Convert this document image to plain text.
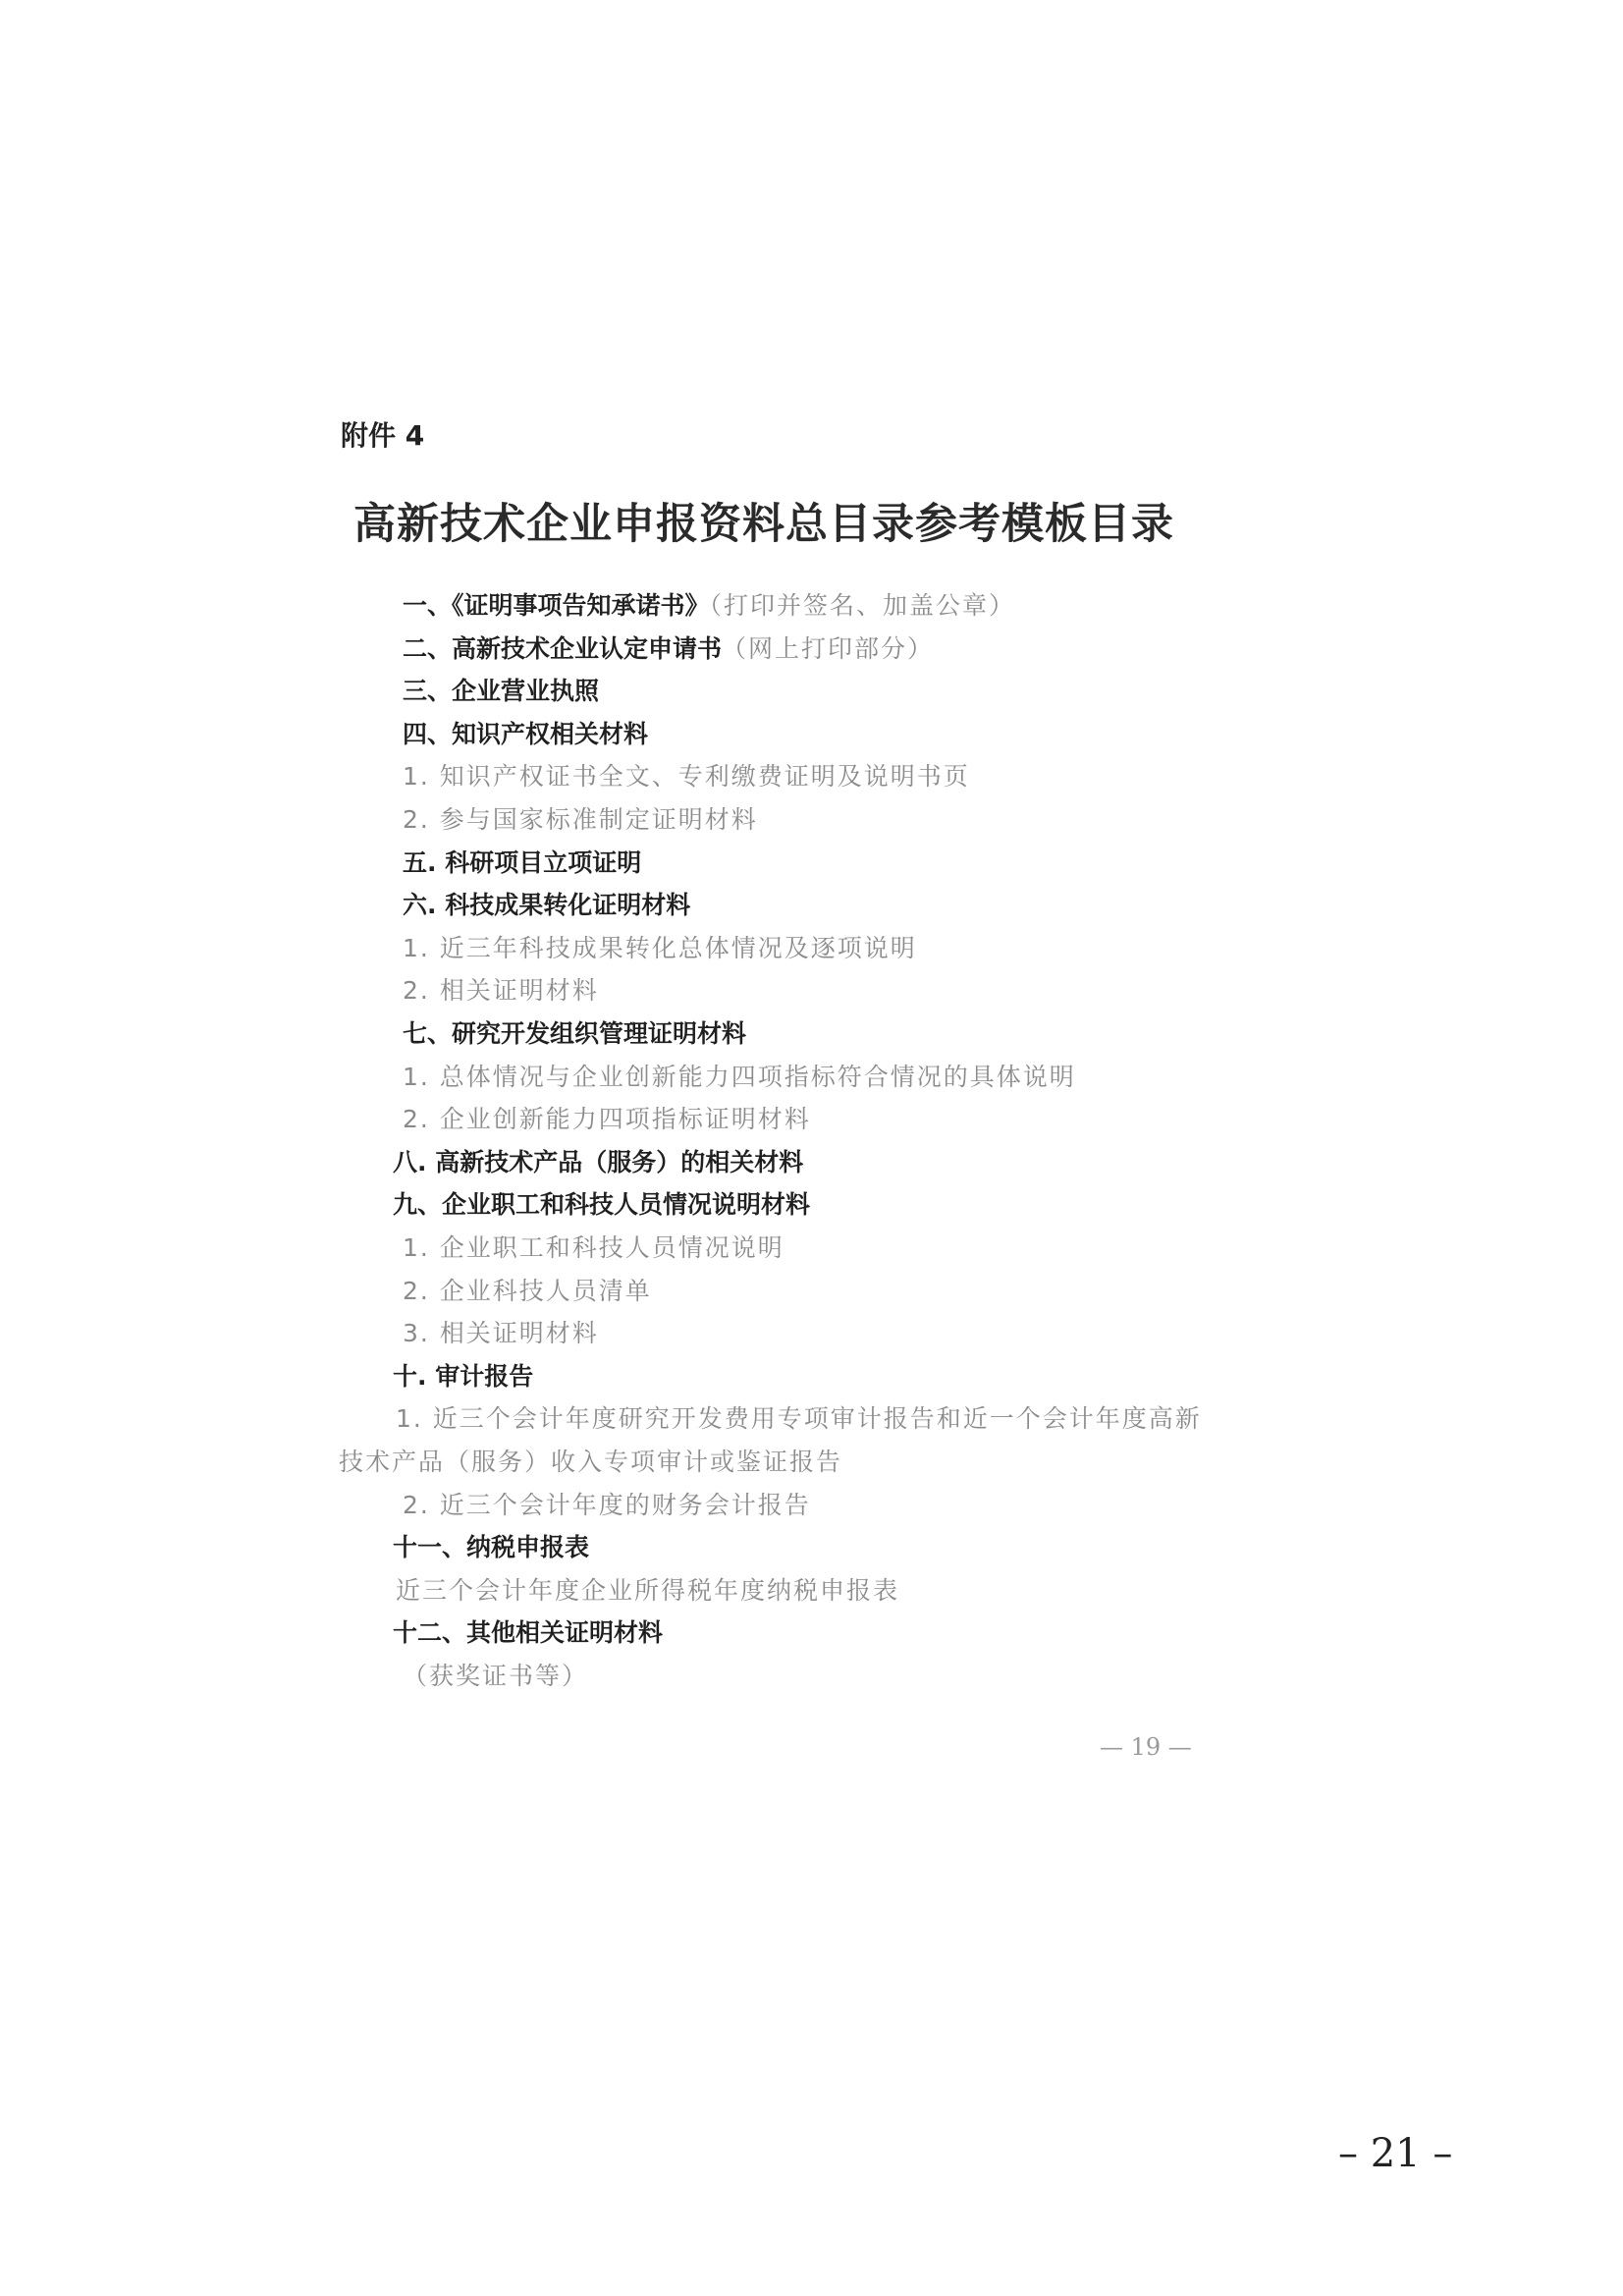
附件 4
高新技术企业申报资料总目录参考模板目录
一、《证明事项告知承诺书》（打印并签名、加盖公章）
二、高新技术企业认定申请书（网上打印部分）
三、企业营业执照
四、知识产权相关材料
1. 知识产权证书全文、专利缴费证明及说明书页
2. 参与国家标准制定证明材料
五. 科研项目立项证明
六. 科技成果转化证明材料
1. 近三年科技成果转化总体情况及逐项说明
2. 相关证明材料
七、研究开发组织管理证明材料
1. 总体情况与企业创新能力四项指标符合情况的具体说明
2. 企业创新能力四项指标证明材料
八. 高新技术产品（服务）的相关材料
九、企业职工和科技人员情况说明材料
1. 企业职工和科技人员情况说明
2. 企业科技人员清单
3. 相关证明材料
十. 审计报告
1. 近三个会计年度研究开发费用专项审计报告和近一个会计年度高新
技术产品（服务）收入专项审计或鉴证报告
2. 近三个会计年度的财务会计报告
十一、纳税申报表
近三个会计年度企业所得税年度纳税申报表
十二、其他相关证明材料
（获奖证书等）
— 19 —
– 21 –
